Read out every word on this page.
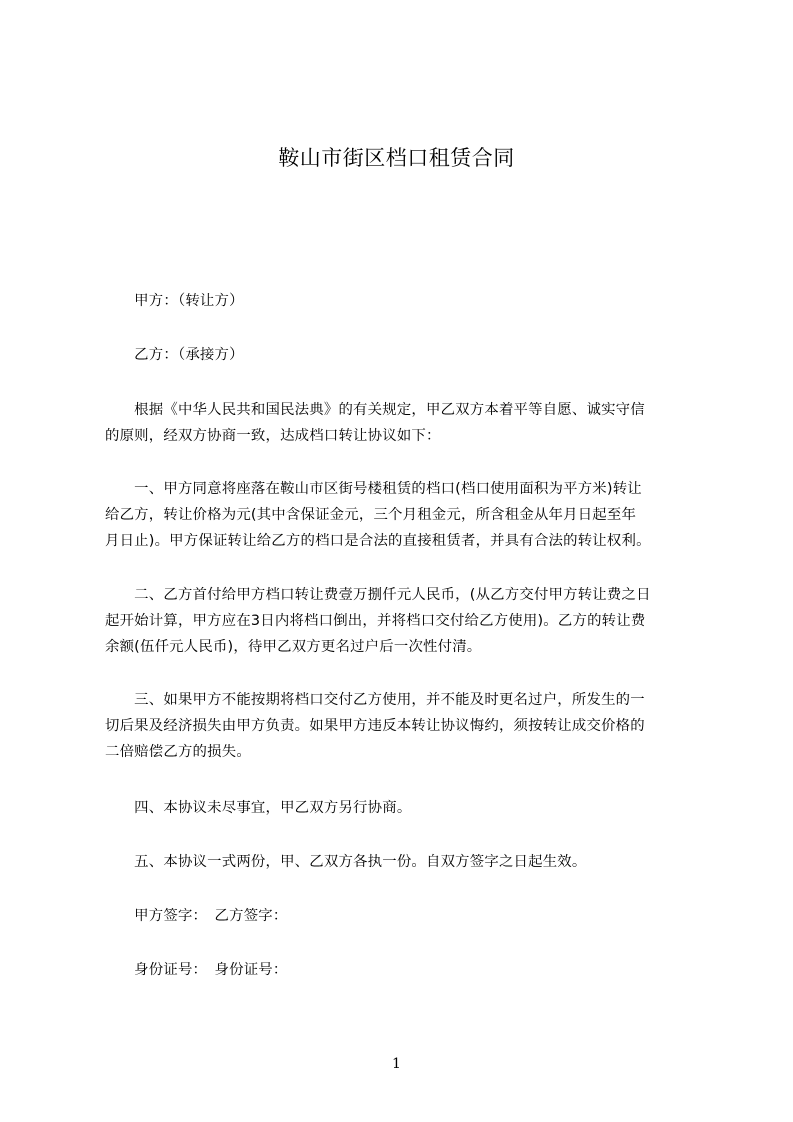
鞍山市街区档口租赁合同
　　甲方：（转让方）
　　乙方：（承接方）
　　根据《中华人民共和国民法典》的有关规定，甲乙双方本着平等自愿、诚实守信
的原则，经双方协商一致，达成档口转让协议如下：
　　一、甲方同意将座落在鞍山市区街号楼租赁的档口(档口使用面积为平方米)转让
给乙方，转让价格为元(其中含保证金元，三个月租金元，所含租金从年月日起至年
月日止)。甲方保证转让给乙方的档口是合法的直接租赁者，并具有合法的转让权利。
　　二、乙方首付给甲方档口转让费壹万捌仟元人民币，(从乙方交付甲方转让费之日
起开始计算，甲方应在3日内将档口倒出，并将档口交付给乙方使用)。乙方的转让费
余额(伍仟元人民币)，待甲乙双方更名过户后一次性付清。
　　三、如果甲方不能按期将档口交付乙方使用，并不能及时更名过户，所发生的一
切后果及经济损失由甲方负责。如果甲方违反本转让协议悔约，须按转让成交价格的
二倍赔偿乙方的损失。
　　四、本协议未尽事宜，甲乙双方另行协商。
　　五、本协议一式两份，甲、乙双方各执一份。自双方签字之日起生效。
　　甲方签字：　乙方签字：
　　身份证号：　身份证号：
1
